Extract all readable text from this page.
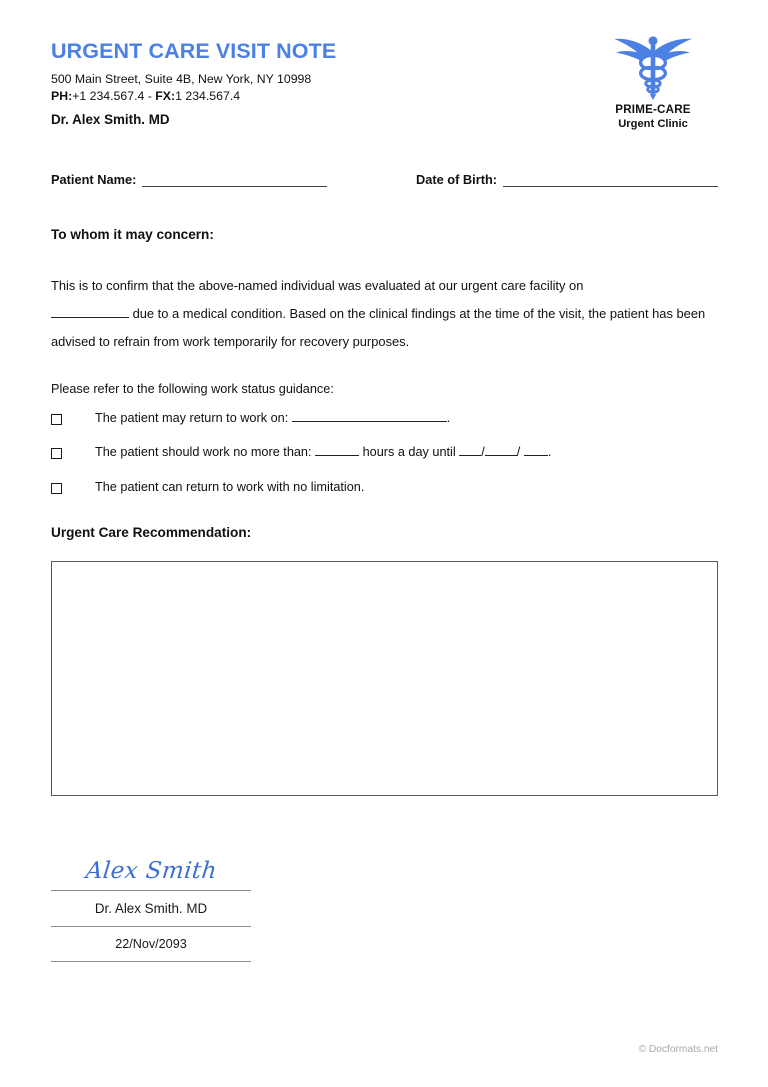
URGENT CARE VISIT NOTE
500 Main Street, Suite 4B, New York, NY 10998
PH:+1 234.567.4 - FX:1 234.567.4
Dr. Alex Smith. MD
PRIME-CARE
Urgent Clinic
Patient Name:	Date of Birth:
To whom it may concern:
This is to confirm that the above-named individual was evaluated at our urgent care facility on
due to a medical condition. Based on the clinical findings at the time of the visit, the patient has been advised to refrain from work temporarily for recovery purposes.
Please refer to the following work status guidance:
The patient may return to work on:	.
The patient should work no more than:	hours a day until /	/ .
The patient can return to work with no limitation.
Urgent Care Recommendation:
Alex Smith
Dr. Alex Smith. MD
22/Nov/2093
© Docformats.net
